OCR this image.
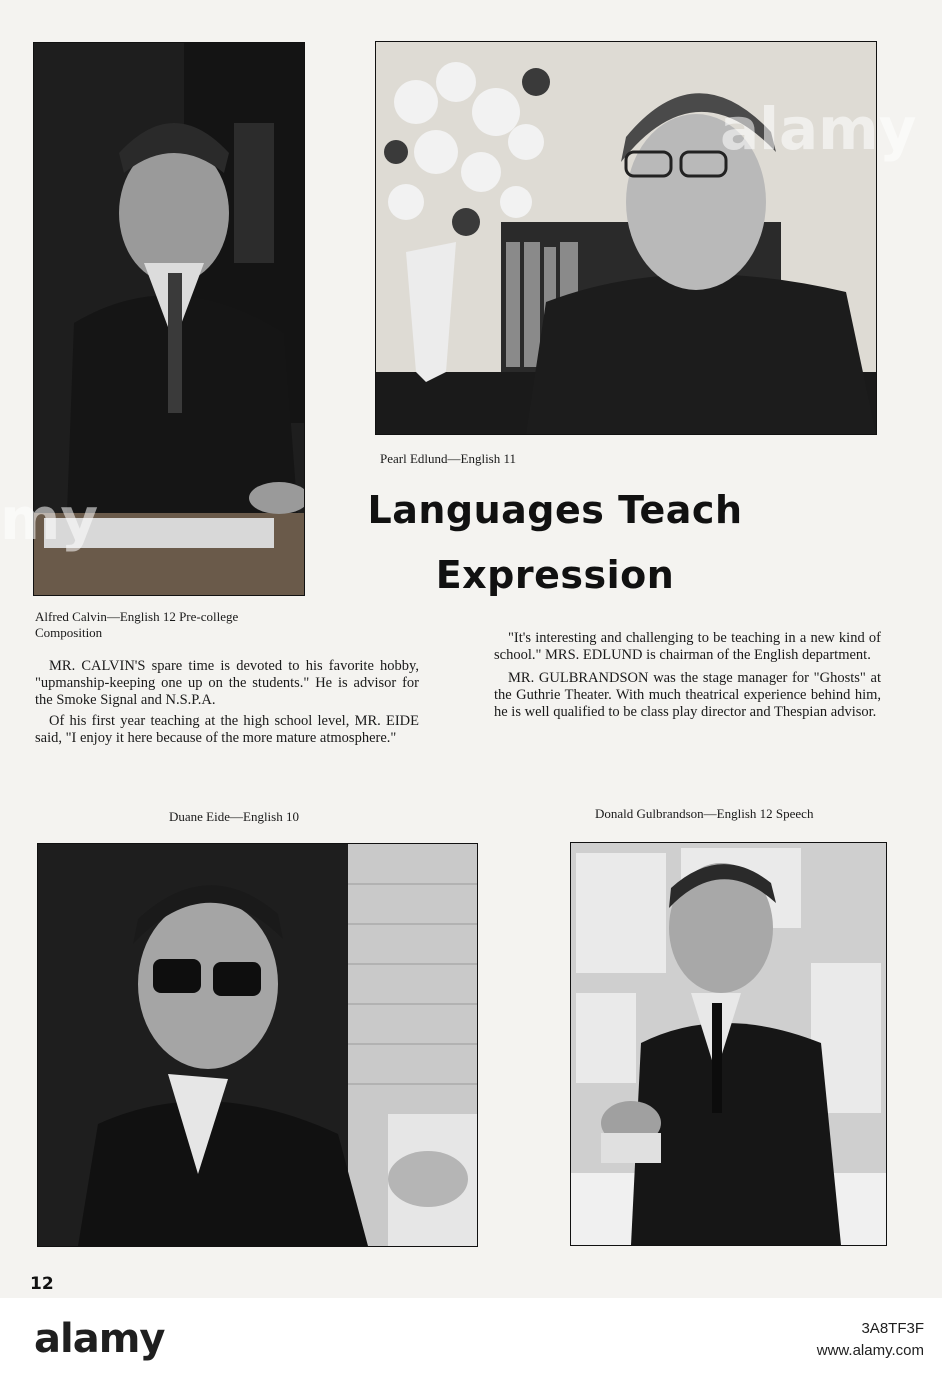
Alfred Calvin—English 12 Pre-college
Composition
Pearl Edlund—English 11
Languages Teach
Expression

MR. CALVIN'S spare time is devoted to his favorite hobby, "upmanship-keeping one up on the students." He is advisor for the Smoke Signal and N.S.P.A.

Of his first year teaching at the high school level, MR. EIDE said, "I enjoy it here because of the more mature atmosphere."

"It's interesting and challenging to be teaching in a new kind of school." MRS. EDLUND is chairman of the English department.

MR. GULBRANDSON was the stage manager for "Ghosts" at the Guthrie Theater. With much theatrical experience behind him, he is well qualified to be class play director and Thespian advisor.

Duane Eide—English 10	Donald Gulbrandson—English 12 Speech
12
my
alamy
alamy	3A8TF3F
www.alamy.com
